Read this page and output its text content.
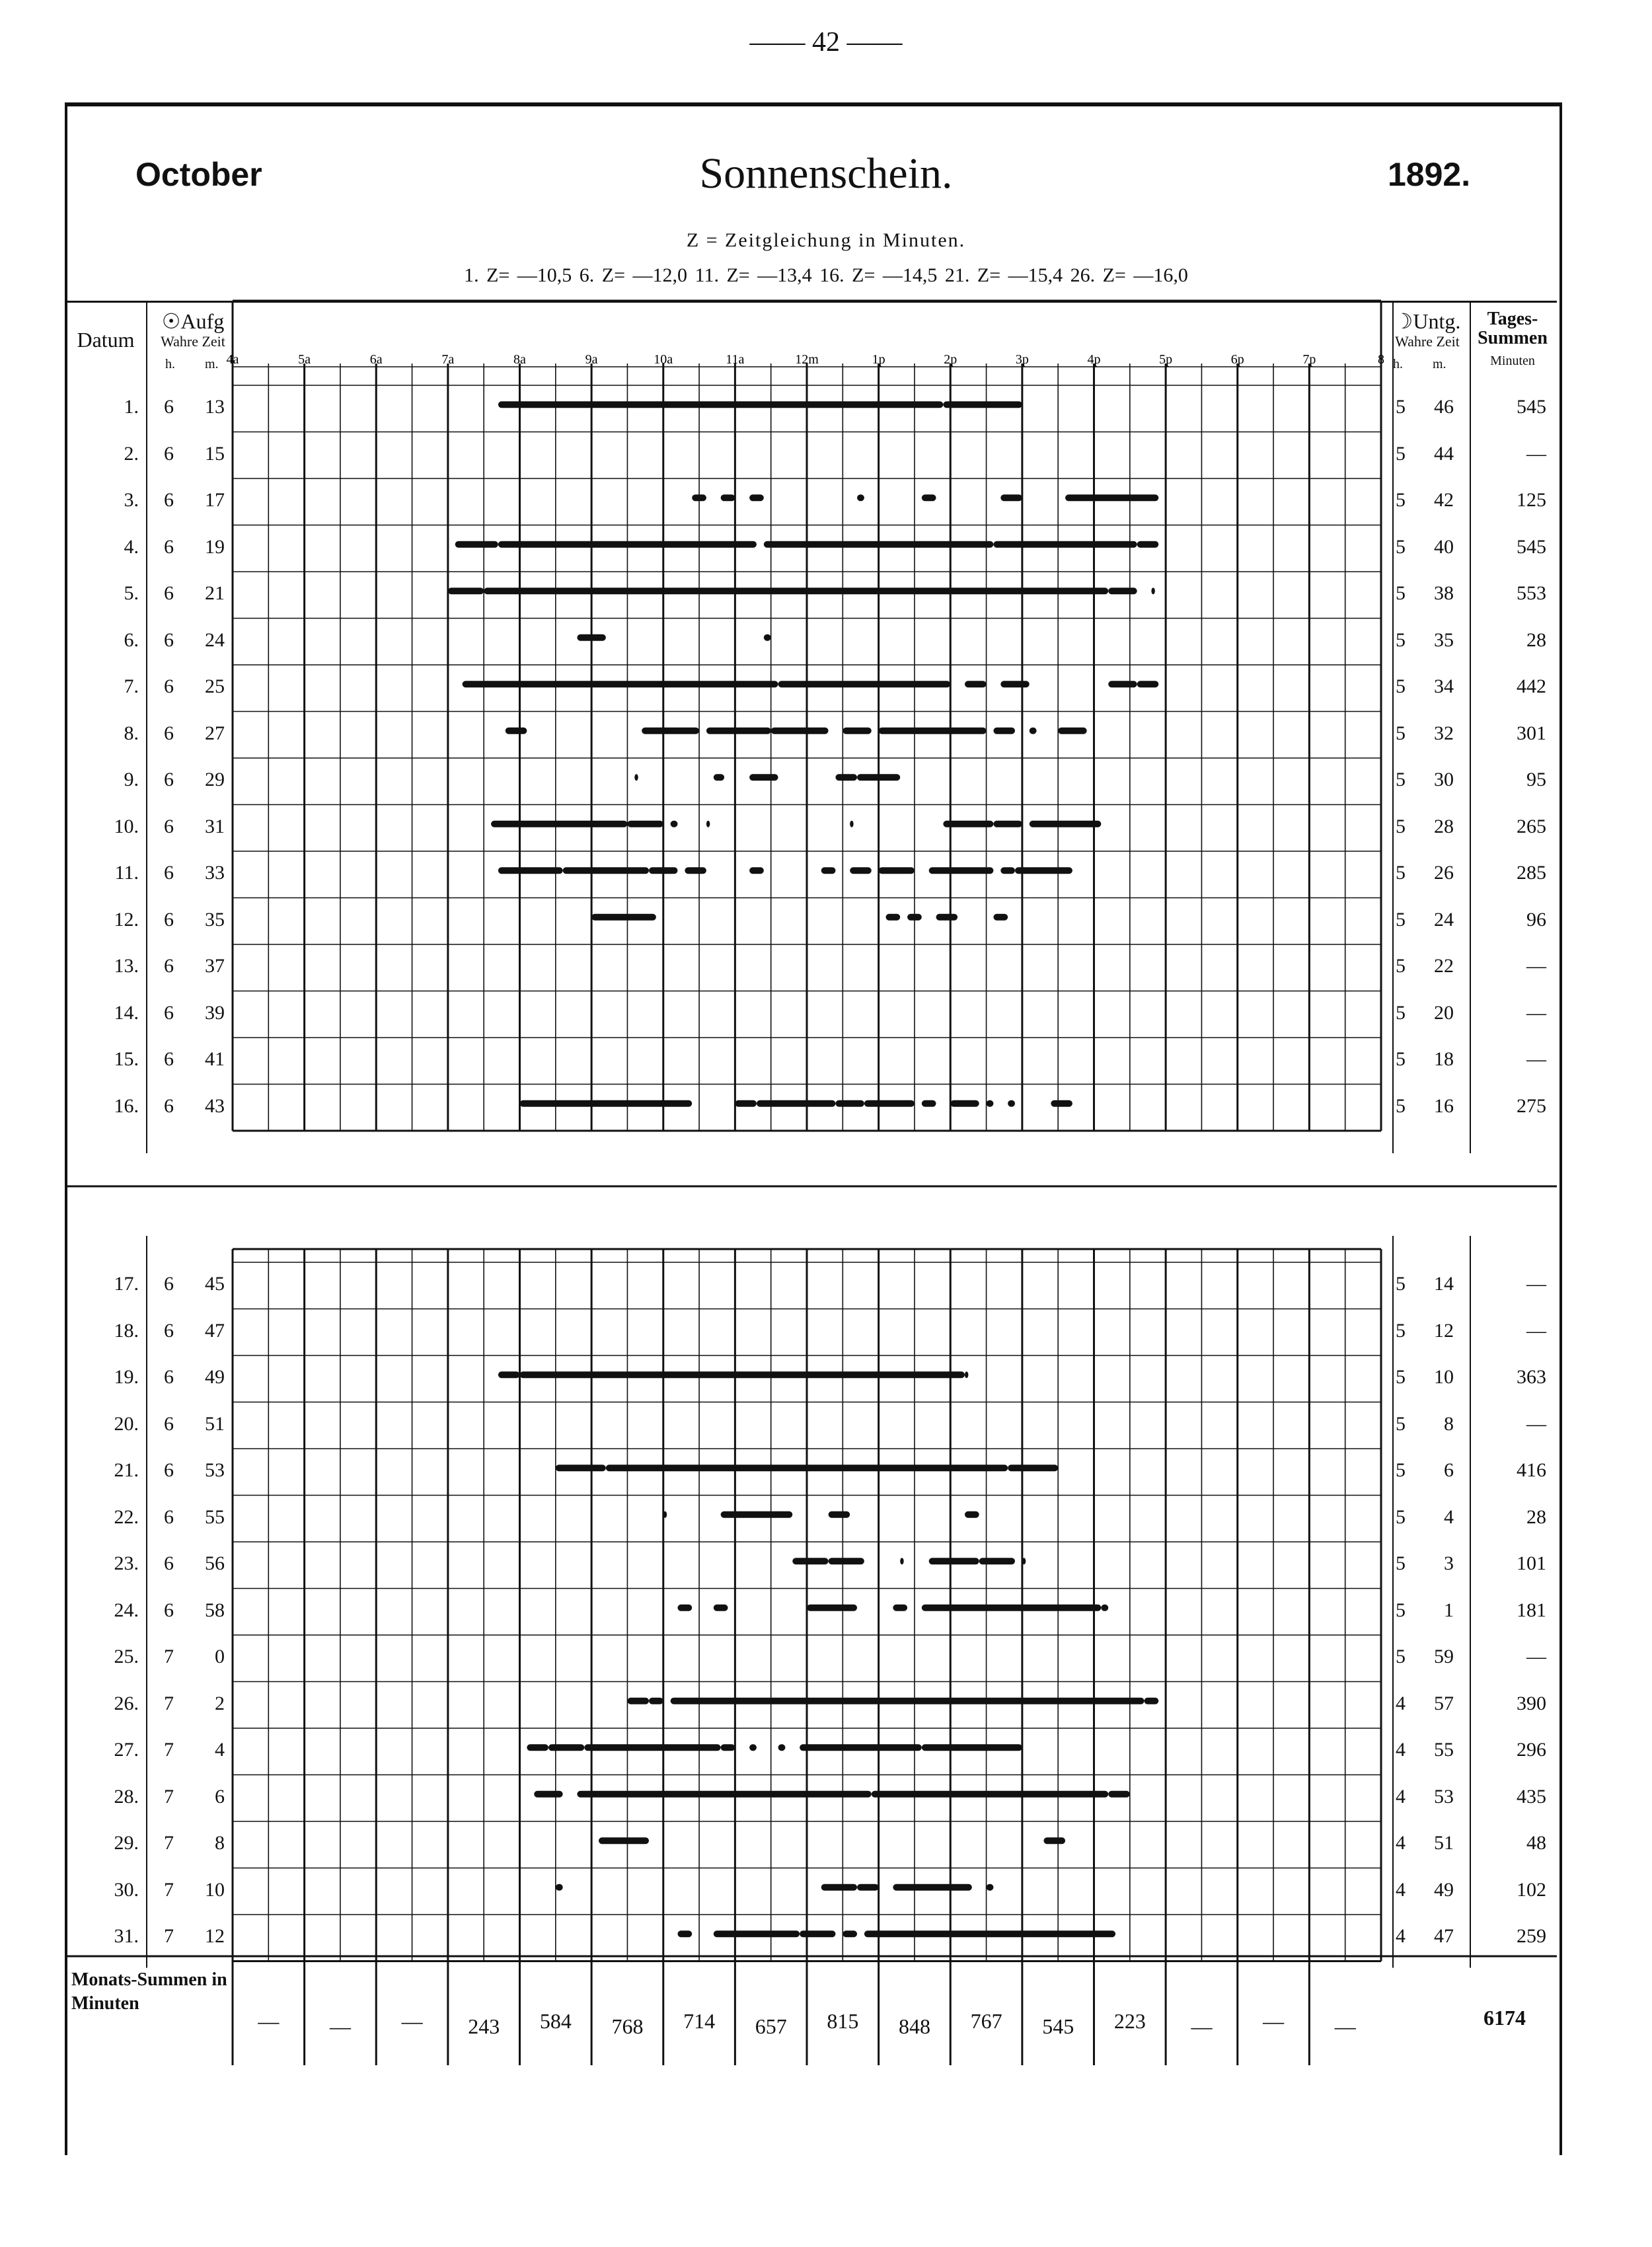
—— 42 ——
October	Sonnenschein.	1892.
Z = Zeitgleichung in Minuten.
1. Z= —10,5 6. Z= —12,0 11. Z= —13,4 16. Z= —14,5 21. Z= —15,4 26. Z= —16,0
Datum
☉Aufg
Wahre Zeit
h. m.
☽Untg.
Wahre Zeit
h. m.
Tages-Summen
Minuten
4a	5a	6a	7a	8a	9a	10a	11a	12m	1p	2p	3p	4p	5p	6p	7p	8
1. 6	13	5	46	545
2. 6	15	5	44	—
3. 6	17	5	42	125
4. 6	19	5	40	545
5. 6	21	5	38	553
6. 6	24	5	35	28
7. 6	25	5	34	442
8. 6	27	5	32	301
9. 6	29	5	30	95
10. 6	31	5	28	265
11. 6	33	5	26	285
12. 6	35	5	24	96
13. 6	37	5	22	—
14. 6	39	5	20	—
15. 6	41	5	18	—
16. 6	43	5	16	275
17. 6	45	5	14	—
18. 6	47	5	12	—
19. 6	49	5	10	363
20. 6	51	5	8	—
21. 6	53	5	6	416
22. 6	55	5	4	28
23. 6	56	5	3	101
24. 6	58	5	1	181
25. 7	0	5	59	—
26. 7	2	4	57	390
27. 7	4	4	55	296
28. 7	6	4	53	435
29. 7	8	4	51	48
30. 7	10	4	49	102
31. 7	12	4	47	259
Monats-Summen in Minuten
—	—	—	243	584	768	714	657	815	848	767	545	223	—	—	—	6174
